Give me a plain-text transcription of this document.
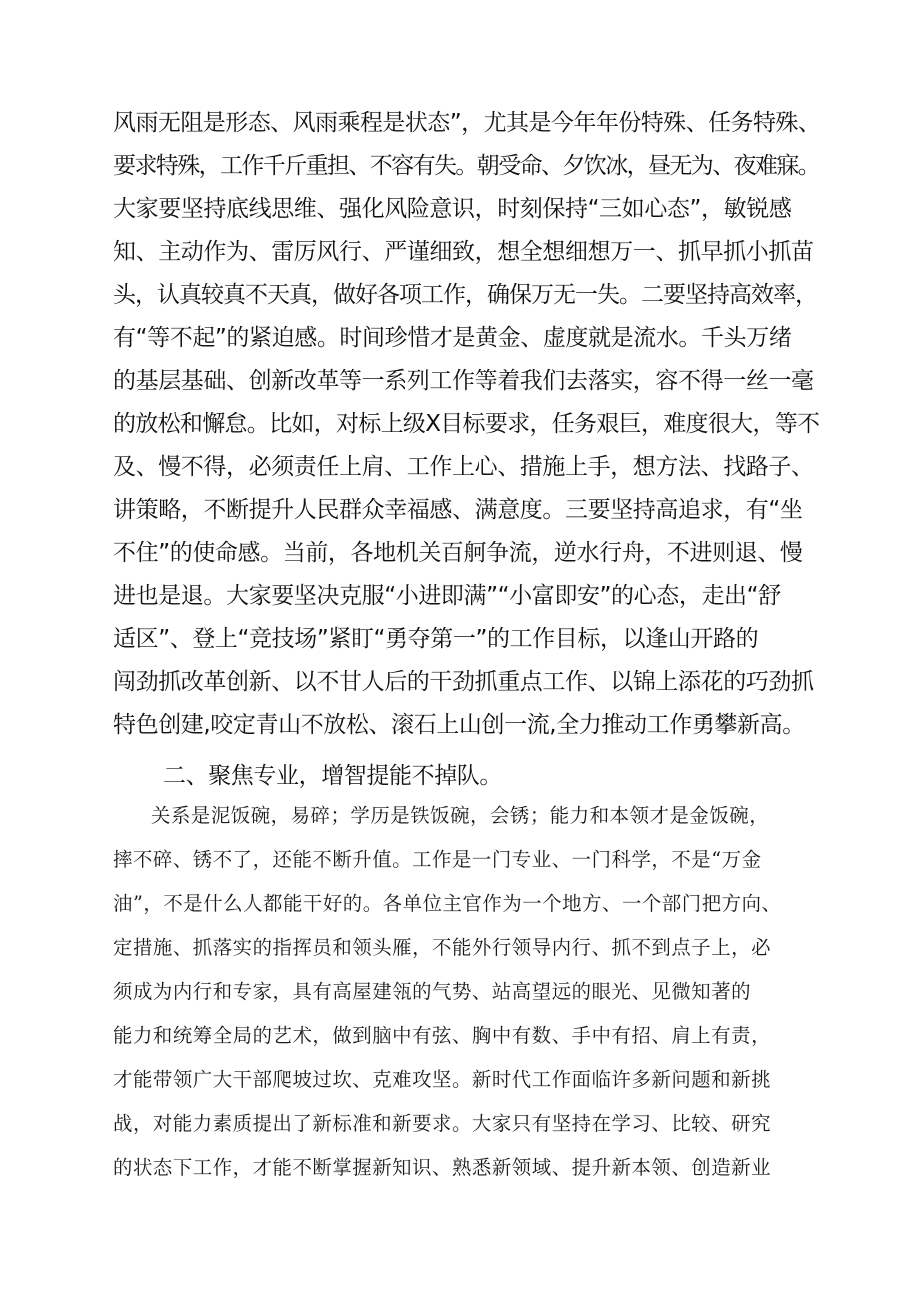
风雨无阻是形态、风雨乘程是状态”，尤其是今年年份特殊、任务特殊、
要求特殊，工作千斤重担、不容有失。朝受命、夕饮冰，昼无为、夜难寐。
大家要坚持底线思维、强化风险意识，时刻保持“三如心态”，敏锐感
知、主动作为、雷厉风行、严谨细致，想全想细想万一、抓早抓小抓苗
头，认真较真不天真，做好各项工作，确保万无一失。二要坚持高效率，
有“等不起”的紧迫感。时间珍惜才是黄金、虚度就是流水。千头万绪
的基层基础、创新改革等一系列工作等着我们去落实，容不得一丝一毫
的放松和懈怠。比如，对标上级X目标要求，任务艰巨，难度很大，等不
及、慢不得，必须责任上肩、工作上心、措施上手，想方法、找路子、
讲策略，不断提升人民群众幸福感、满意度。三要坚持高追求，有“坐
不住”的使命感。当前，各地机关百舸争流，逆水行舟，不进则退、慢
进也是退。大家要坚决克服“小进即满”“小富即安”的心态，走出“舒
适区”、登上“竞技场”紧盯“勇夺第一”的工作目标，以逢山开路的
闯劲抓改革创新、以不甘人后的干劲抓重点工作、以锦上添花的巧劲抓
特色创建,咬定青山不放松、滚石上山创一流,全力推动工作勇攀新高。
二、聚焦专业，增智提能不掉队。
关系是泥饭碗，易碎；学历是铁饭碗，会锈；能力和本领才是金饭碗，
摔不碎、锈不了，还能不断升值。工作是一门专业、一门科学，不是“万金
油”，不是什么人都能干好的。各单位主官作为一个地方、一个部门把方向、
定措施、抓落实的指挥员和领头雁，不能外行领导内行、抓不到点子上，必
须成为内行和专家，具有高屋建瓴的气势、站高望远的眼光、见微知著的
能力和统筹全局的艺术，做到脑中有弦、胸中有数、手中有招、肩上有责，
才能带领广大干部爬坡过坎、克难攻坚。新时代工作面临许多新问题和新挑
战，对能力素质提出了新标准和新要求。大家只有坚持在学习、比较、研究
的状态下工作，才能不断掌握新知识、熟悉新领域、提升新本领、创造新业
